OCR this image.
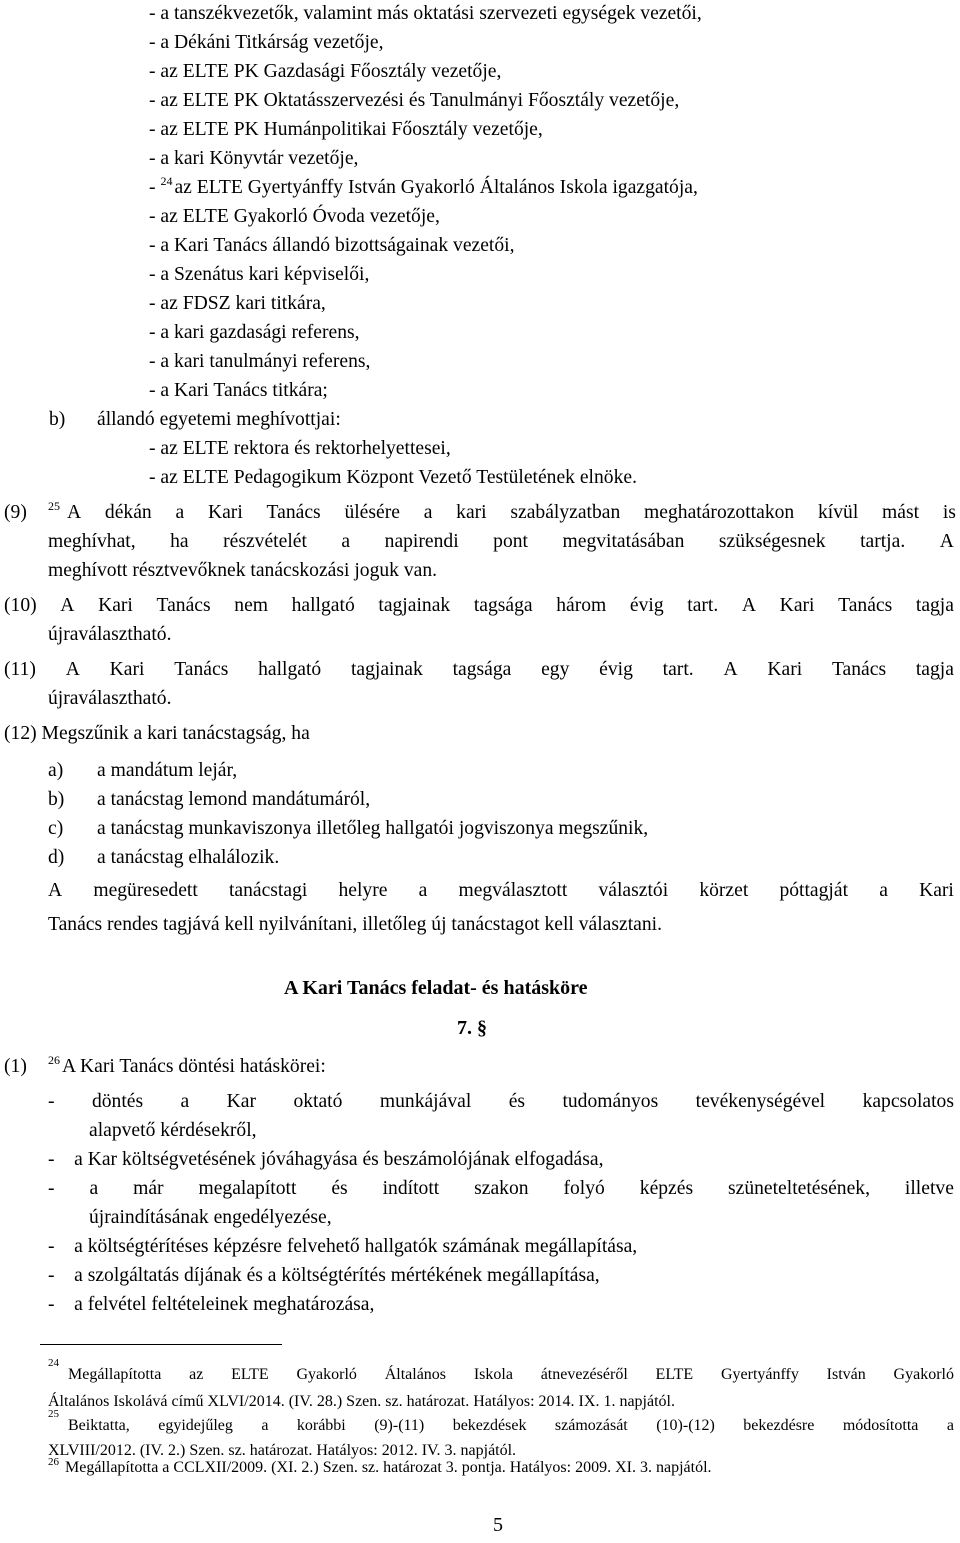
- a tanszékvezetők, valamint más oktatási szervezeti egységek vezetői,
- a Dékáni Titkárság vezetője,
- az ELTE PK Gazdasági Főosztály vezetője,
- az ELTE PK Oktatásszervezési és Tanulmányi Főosztály vezetője,
- az ELTE PK Humánpolitikai Főosztály vezetője,
- a kari Könyvtár vezetője,
- $^{24}$ az ELTE Gyertyánffy István Gyakorló Általános Iskola igazgatója,
- az ELTE Gyakorló Óvoda vezetője,
- a Kari Tanács állandó bizottságainak vezetői,
- a Szenátus kari képviselői,
- az FDSZ kari titkára,
- a kari gazdasági referens,
- a kari tanulmányi referens,
- a Kari Tanács titkára;
b) állandó egyetemi meghívottjai:
- az ELTE rektora és rektorhelyettesei,
- az ELTE Pedagogikum Központ Vezető Testületének elnöke.
(9) $^{25}$ A dékán a Kari Tanács ülésére a kari szabályzatban meghatározottakon kívül mást is
meghívhat, ha részvételét a napirendi pont megvitatásában szükségesnek tartja. A
meghívott résztvevőknek tanácskozási joguk van.
(10) A Kari Tanács nem hallgató tagjainak tagsága három évig tart. A Kari Tanács tagja
újraválasztható.
(11) A Kari Tanács hallgató tagjainak tagsága egy évig tart. A Kari Tanács tagja
újraválasztható.
(12) Megszűnik a kari tanácstagság, ha
a) a mandátum lejár,
b) a tanácstag lemond mandátumáról,
c) a tanácstag munkaviszonya illetőleg hallgatói jogviszonya megszűnik,
d) a tanácstag elhalálozik.
A megüresedett tanácstagi helyre a megválasztott választói körzet póttagját a Kari
Tanács rendes tagjává kell nyilvánítani, illetőleg új tanácstagot kell választani.
A Kari Tanács feladat- és hatásköre
7. §
(1) $^{26}$ A Kari Tanács döntési hatáskörei:
- döntés a Kar oktató munkájával és tudományos tevékenységével kapcsolatos
alapvető kérdésekről,
-    a Kar költségvetésének jóváhagyása és beszámolójának elfogadása,
- a már megalapított és indított szakon folyó képzés szüneteltetésének, illetve
újraindításának engedélyezése,
-    a költségtérítéses képzésre felvehető hallgatók számának megállapítása,
-    a szolgáltatás díjának és a költségtérítés mértékének megállapítása,
-    a felvétel feltételeinek meghatározása,
$^{24}$
Megállapította az ELTE Gyakorló Általános Iskola átnevezéséről ELTE Gyertyánffy István Gyakorló
Általános Iskolává című XLVI/2014. (IV. 28.) Szen. sz. határozat. Hatályos: 2014. IX. 1. napjától.
$^{25}$
Beiktatta, egyidejűleg a korábbi (9)-(11) bekezdések számozását (10)-(12) bekezdésre módosította a
XLVIII/2012. (IV. 2.) Szen. sz. határozat. Hatályos: 2012. IV. 3. napjától.
$^{26}$ Megállapította a CCLXII/2009. (XI. 2.) Szen. sz. határozat 3. pontja. Hatályos: 2009. XI. 3. napjától.
5
